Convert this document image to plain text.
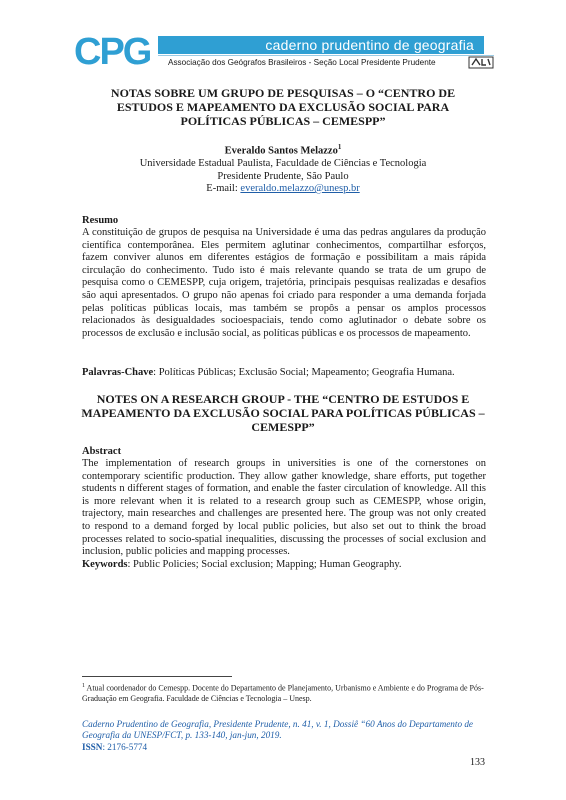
CPG	caderno prudentino de geografia
Associação dos Geógrafos Brasileiros - Seção Local Presidente Prudente
NOTAS SOBRE UM GRUPO DE PESQUISAS – O “CENTRO DE
ESTUDOS E MAPEAMENTO DA EXCLUSÃO SOCIAL PARA
POLÍTICAS PÚBLICAS – CEMESPP”
Everaldo Santos Melazzo$^1$
Universidade Estadual Paulista, Faculdade de Ciências e Tecnologia
Presidente Prudente, São Paulo
E-mail: everaldo.melazzo@unesp.br
Resumo
A constituição de grupos de pesquisa na Universidade é uma das pedras angulares da produção científica contemporânea. Eles permitem aglutinar conhecimentos, compartilhar esforços, fazem conviver alunos em diferentes estágios de formação e possibilitam a mais rápida circulação do conhecimento. Tudo isto é mais relevante quando se trata de um grupo de pesquisa como o CEMESPP, cuja origem, trajetória, principais pesquisas realizadas e desafios são aqui apresentados. O grupo não apenas foi criado para responder a uma demanda forjada pelas políticas públicas locais, mas também se propôs a pensar os amplos processos relacionados às desigualdades socioespaciais, tendo como aglutinador o debate sobre os processos de exclusão e inclusão social, as políticas públicas e os processos de mapeamento.
Palavras-Chave: Políticas Públicas; Exclusão Social; Mapeamento; Geografia Humana.
NOTES ON A RESEARCH GROUP - THE “CENTRO DE ESTUDOS E
MAPEAMENTO DA EXCLUSÃO SOCIAL PARA POLÍTICAS PÚBLICAS –
CEMESPP”
Abstract
The implementation of research groups in universities is one of the cornerstones on contemporary scientific production. They allow gather knowledge, share efforts, put together students n different stages of formation, and enable the faster circulation of knowledge. All this is more relevant when it is related to a research group such as CEMESPP, whose origin, trajectory, main researches and challenges are presented here. The group was not only created to respond to a demand forged by local public policies, but also set out to think the broad processes related to socio-spatial inequalities, discussing the processes of social exclusion and inclusion, public policies and mapping processes.
Keywords: Public Policies; Social exclusion; Mapping; Human Geography.
$^1$ Atual coordenador do Cemespp. Docente do Departamento de Planejamento, Urbanismo e Ambiente e do Programa de Pós-Graduação em Geografia. Faculdade de Ciências e Tecnologia – Unesp.
Caderno Prudentino de Geografia, Presidente Prudente, n. 41, v. 1, Dossiê “60 Anos do Departamento de Geografia da UNESP/FCT, p. 133-140, jan-jun, 2019.
ISSN: 2176-5774
133
